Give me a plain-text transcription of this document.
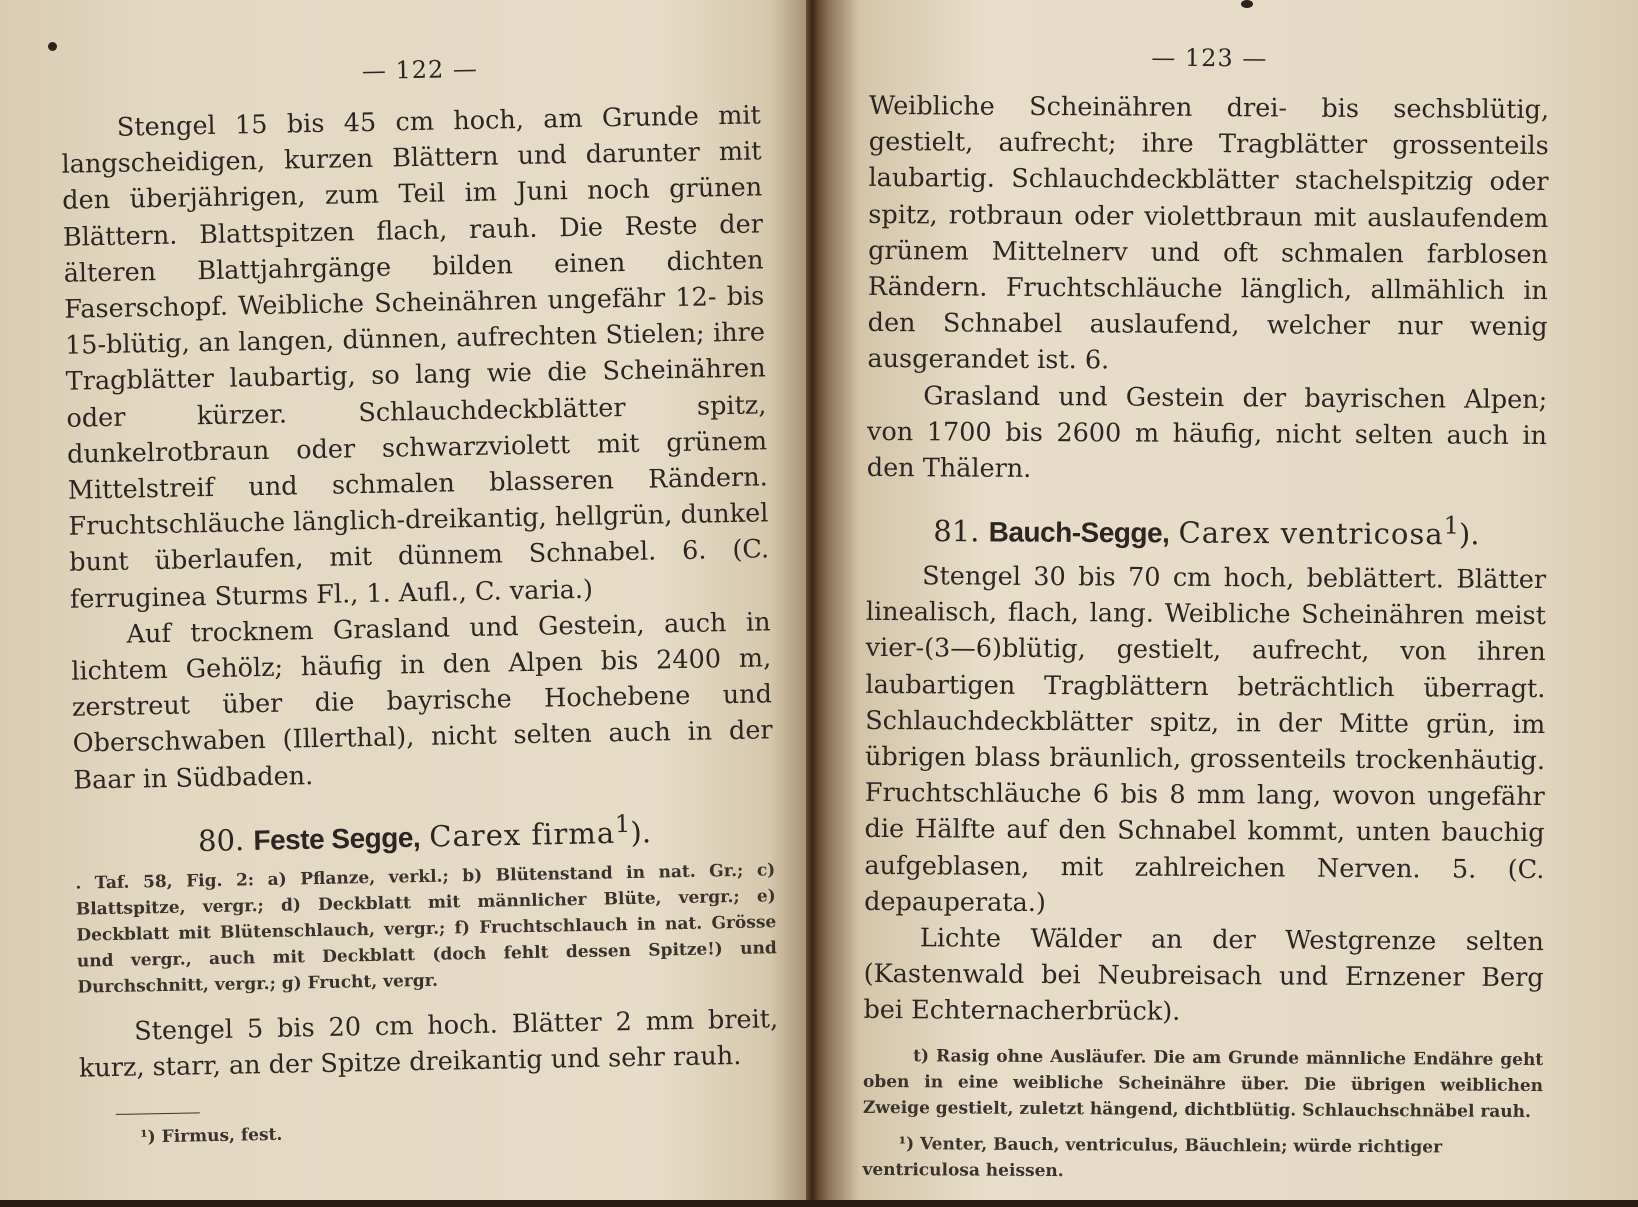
— 122 —

Stengel 15 bis 45 cm hoch, am Grunde mit langscheidigen, kurzen Blättern und darunter mit den überjährigen, zum Teil im Juni noch grünen Blättern. Blattspitzen flach, rauh. Die Reste der älteren Blattjahrgänge bilden einen dichten Faserschopf. Weibliche Scheinähren ungefähr 12- bis 15-blütig, an langen, dünnen, aufrechten Stielen; ihre Tragblätter laubartig, so lang wie die Scheinähren oder kürzer. Schlauchdeckblätter spitz, dunkelrotbraun oder schwarzviolett mit grünem Mittelstreif und schmalen blasseren Rändern. Fruchtschläuche länglich-dreikantig, hellgrün, dunkel bunt überlaufen, mit dünnem Schnabel. 6. (C. ferruginea Sturms Fl., 1. Aufl., C. varia.)

Auf trocknem Grasland und Gestein, auch in lichtem Gehölz; häufig in den Alpen bis 2400 m, zerstreut über die bayrische Hochebene und Oberschwaben (Illerthal), nicht selten auch in der Baar in Südbaden.

80. Feste Segge, Carex firma$^1$).

. Taf. 58, Fig. 2: a) Pflanze, verkl.; b) Blütenstand in nat. Gr.; c) Blattspitze, vergr.; d) Deckblatt mit männlicher Blüte, vergr.; e) Deckblatt mit Blütenschlauch, vergr.; f) Fruchtschlauch in nat. Grösse und vergr., auch mit Deckblatt (doch fehlt dessen Spitze!) und Durchschnitt, vergr.; g) Frucht, vergr.

Stengel 5 bis 20 cm hoch. Blätter 2 mm breit, kurz, starr, an der Spitze dreikantig und sehr rauh.

¹) Firmus, fest.
— 123 —

Weibliche Scheinähren drei- bis sechsblütig, gestielt, aufrecht; ihre Tragblätter grossenteils laubartig. Schlauchdeckblätter stachelspitzig oder spitz, rotbraun oder violettbraun mit auslaufendem grünem Mittelnerv und oft schmalen farblosen Rändern. Fruchtschläuche länglich, allmählich in den Schnabel auslaufend, welcher nur wenig ausgerandet ist. 6.

Grasland und Gestein der bayrischen Alpen; von 1700 bis 2600 m häufig, nicht selten auch in den Thälern.

81. Bauch-Segge, Carex ventricosa$^1$).

Stengel 30 bis 70 cm hoch, beblättert. Blätter linealisch, flach, lang. Weibliche Scheinähren meist vier-(3—6)blütig, gestielt, aufrecht, von ihren laubartigen Tragblättern beträchtlich überragt. Schlauchdeckblätter spitz, in der Mitte grün, im übrigen blass bräunlich, grossenteils trockenhäutig. Fruchtschläuche 6 bis 8 mm lang, wovon ungefähr die Hälfte auf den Schnabel kommt, unten bauchig aufgeblasen, mit zahlreichen Nerven. 5. (C. depauperata.)

Lichte Wälder an der Westgrenze selten (Kastenwald bei Neubreisach und Ernzener Berg bei Echternacherbrück).

t) Rasig ohne Ausläufer. Die am Grunde männliche Endähre geht oben in eine weibliche Scheinähre über. Die übrigen weiblichen Zweige gestielt, zuletzt hängend, dichtblütig. Schlauchschnäbel rauh.

¹) Venter, Bauch, ventriculus, Bäuchlein; würde richtiger ventriculosa heissen.
